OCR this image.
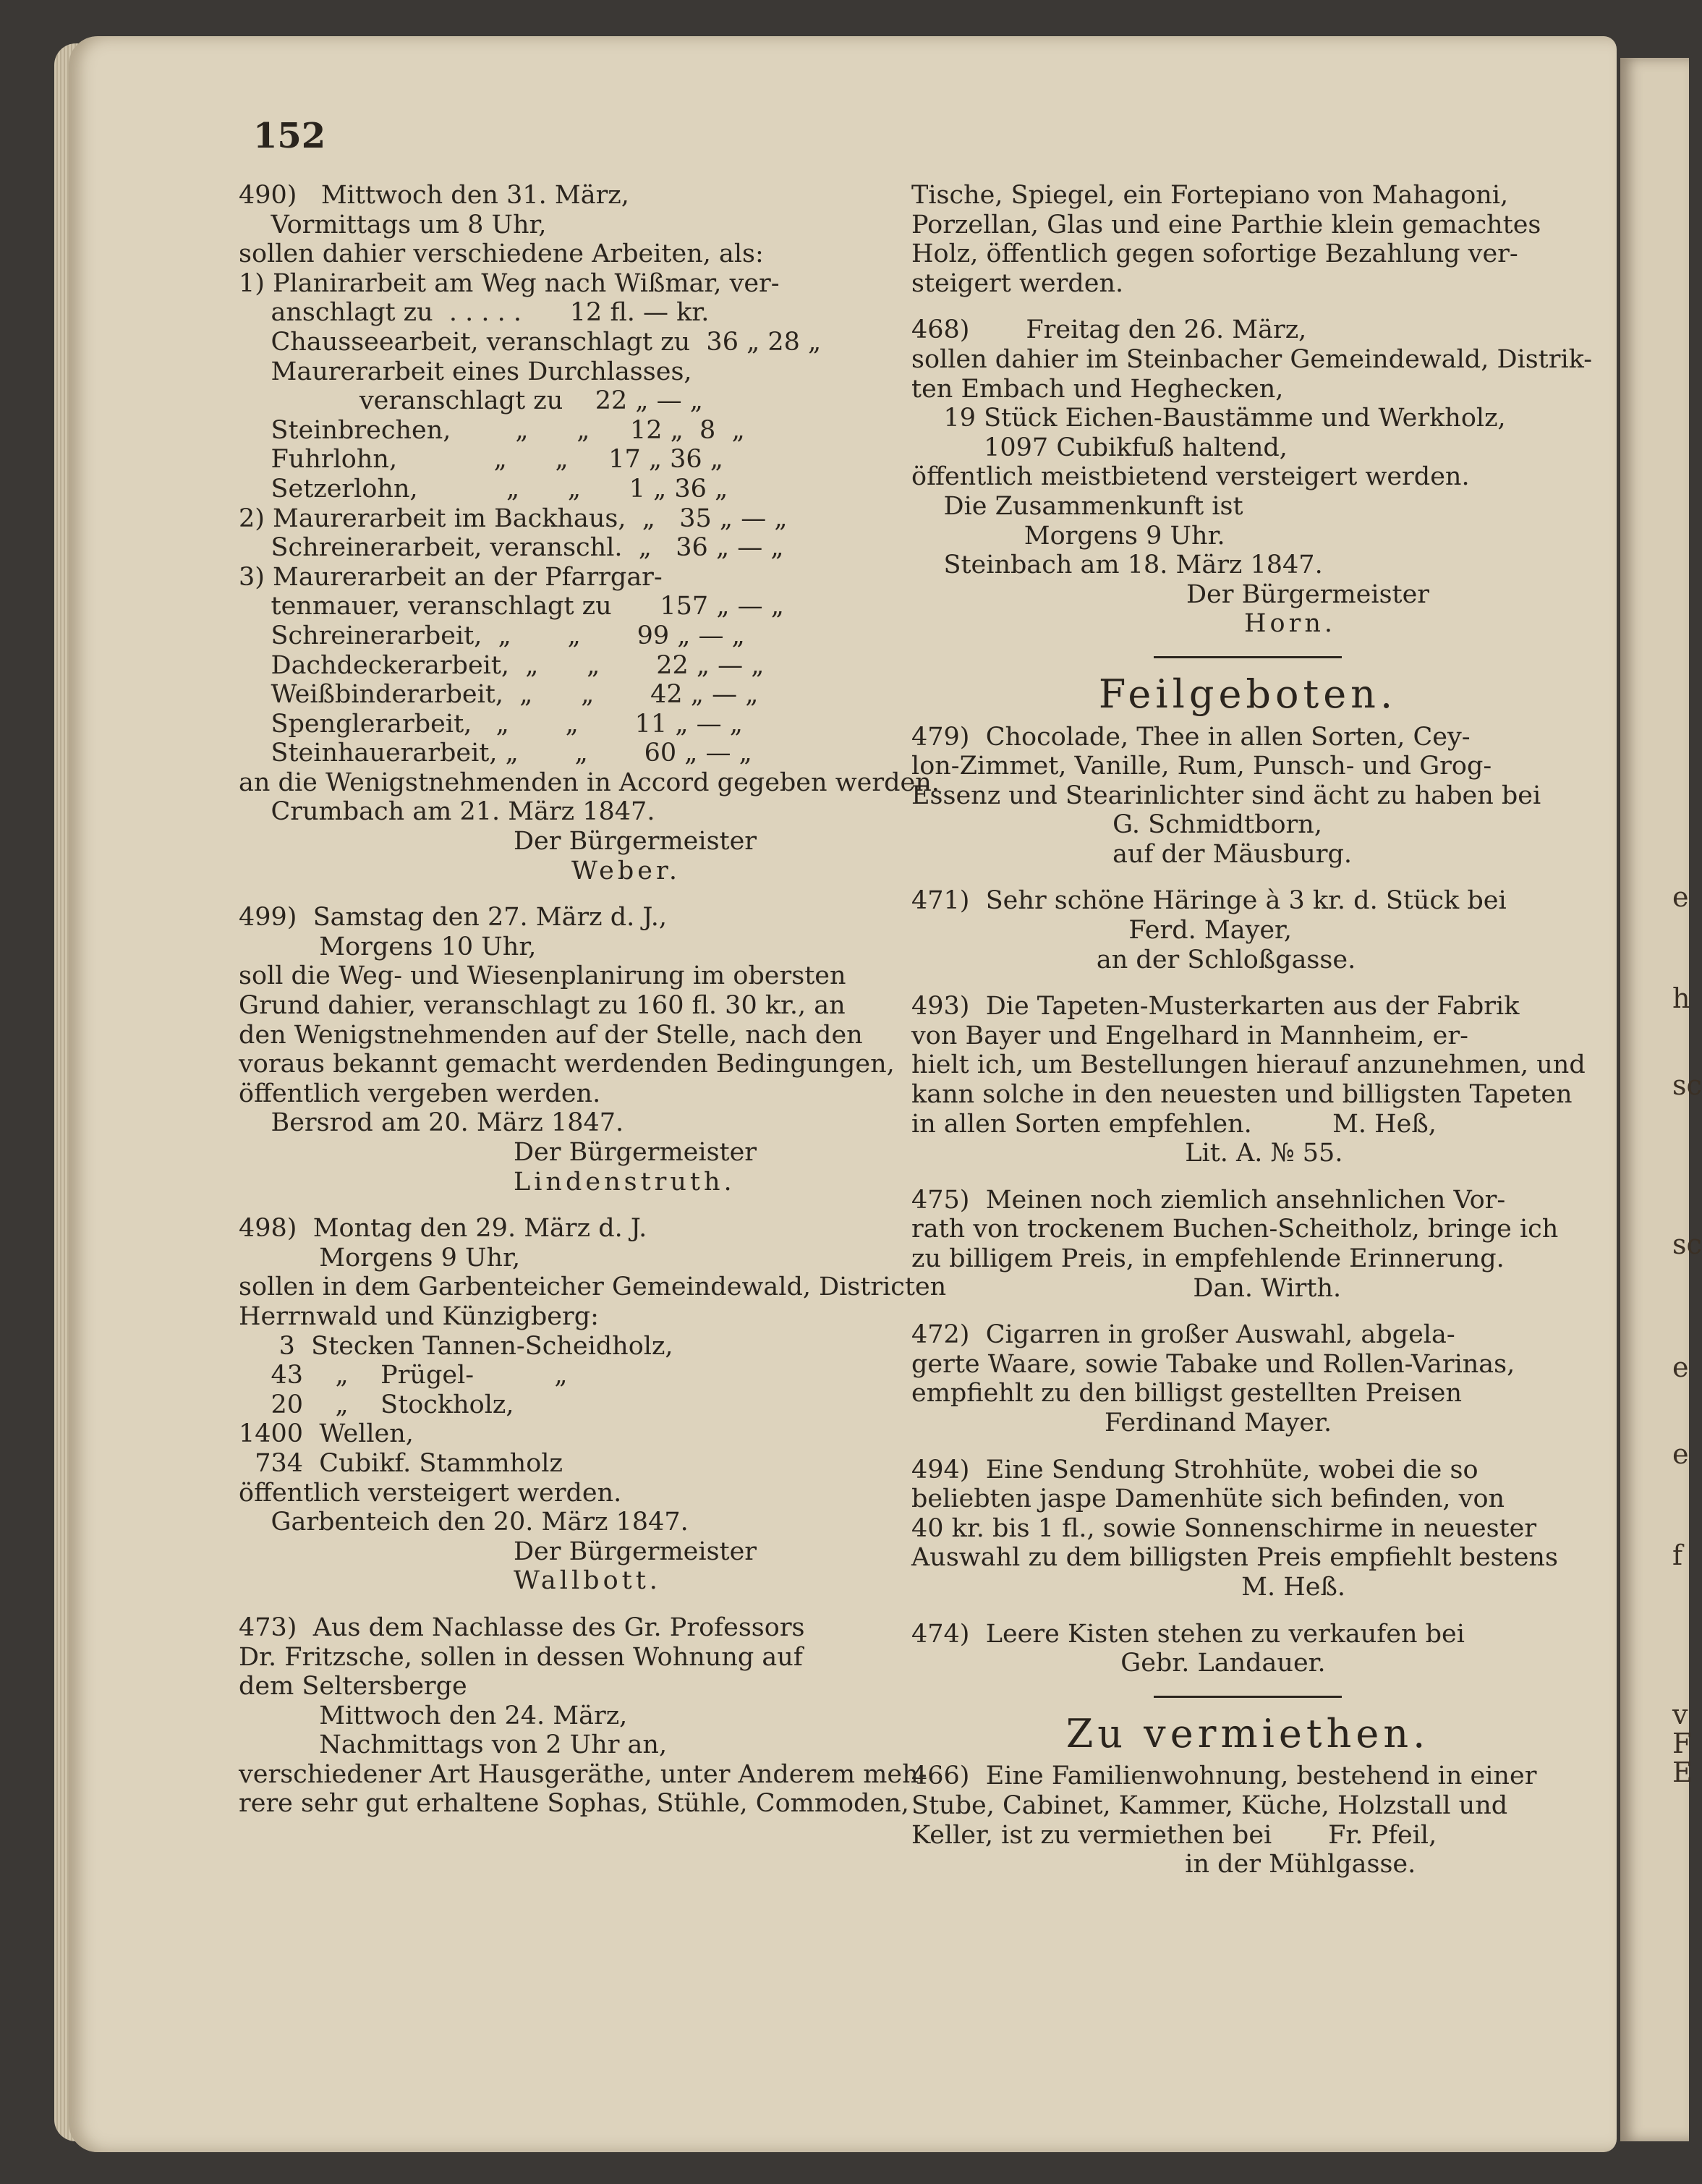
152

490)   Mittwoch den 31. März,

Vormittags um 8 Uhr,

sollen dahier verschiedene Arbeiten, als:

1) Planirarbeit am Weg nach Wißmar, ver-

anschlagt zu  . . . . .      12 fl. — kr.

Chausseearbeit, veranschlagt zu  36 „ 28 „

Maurerarbeit eines Durchlasses,

veranschlagt zu    22 „ — „

Steinbrechen,        „      „     12 „  8  „

Fuhrlohn,            „      „     17 „ 36 „

Setzerlohn,           „      „      1 „ 36 „

2) Maurerarbeit im Backhaus,  „   35 „ — „

Schreinerarbeit, veranschl.  „   36 „ — „

3) Maurerarbeit an der Pfarrgar-

tenmauer, veranschlagt zu      157 „ — „

Schreinerarbeit,  „       „       99 „ — „

Dachdeckerarbeit,  „      „       22 „ — „

Weißbinderarbeit,  „      „       42 „ — „

Spenglerarbeit,   „       „       11 „ — „

Steinhauerarbeit, „       „       60 „ — „

an die Wenigstnehmenden in Accord gegeben werden.

Crumbach am 21. März 1847.

Der Bürgermeister

Weber.

499)  Samstag den 27. März d. J.,

Morgens 10 Uhr,

soll die Weg- und Wiesenplanirung im obersten

Grund dahier, veranschlagt zu 160 fl. 30 kr., an

den Wenigstnehmenden auf der Stelle, nach den

voraus bekannt gemacht werdenden Bedingungen,

öffentlich vergeben werden.

Bersrod am 20. März 1847.

Der Bürgermeister

Lindenstruth.

498)  Montag den 29. März d. J.

Morgens 9 Uhr,

sollen in dem Garbenteicher Gemeindewald, Districten

Herrnwald und Künzigberg:

3  Stecken Tannen-Scheidholz,

43    „    Prügel-          „

20    „    Stockholz,

1400  Wellen,

734  Cubikf. Stammholz

öffentlich versteigert werden.

Garbenteich den 20. März 1847.

Der Bürgermeister

Wallbott.

473)  Aus dem Nachlasse des Gr. Professors

Dr. Fritzsche, sollen in dessen Wohnung auf

dem Seltersberge

Mittwoch den 24. März,

Nachmittags von 2 Uhr an,

verschiedener Art Hausgeräthe, unter Anderem meh-

rere sehr gut erhaltene Sophas, Stühle, Commoden,

Tische, Spiegel, ein Fortepiano von Mahagoni,

Porzellan, Glas und eine Parthie klein gemachtes

Holz, öffentlich gegen sofortige Bezahlung ver-

steigert werden.

468)       Freitag den 26. März,

sollen dahier im Steinbacher Gemeindewald, Distrik-

ten Embach und Heghecken,

19 Stück Eichen-Baustämme und Werkholz,

1097 Cubikfuß haltend,

öffentlich meistbietend versteigert werden.

Die Zusammenkunft ist

Morgens 9 Uhr.

Steinbach am 18. März 1847.

Der Bürgermeister

Horn.

Feilgeboten.

479)  Chocolade, Thee in allen Sorten, Cey-

lon-Zimmet, Vanille, Rum, Punsch- und Grog-

Essenz und Stearinlichter sind ächt zu haben bei

G. Schmidtborn,

auf der Mäusburg.

471)  Sehr schöne Häringe à 3 kr. d. Stück bei

Ferd. Mayer,

an der Schloßgasse.

493)  Die Tapeten-Musterkarten aus der Fabrik

von Bayer und Engelhard in Mannheim, er-

hielt ich, um Bestellungen hierauf anzunehmen, und

kann solche in den neuesten und billigsten Tapeten

in allen Sorten empfehlen.          M. Heß,

Lit. A. № 55.

475)  Meinen noch ziemlich ansehnlichen Vor-

rath von trockenem Buchen-Scheitholz, bringe ich

zu billigem Preis, in empfehlende Erinnerung.

Dan. Wirth.

472)  Cigarren in großer Auswahl, abgela-

gerte Waare, sowie Tabake und Rollen-Varinas,

empfiehlt zu den billigst gestellten Preisen

Ferdinand Mayer.

494)  Eine Sendung Strohhüte, wobei die so

beliebten jaspe Damenhüte sich befinden, von

40 kr. bis 1 fl., sowie Sonnenschirme in neuester

Auswahl zu dem billigsten Preis empfiehlt bestens

M. Heß.

474)  Leere Kisten stehen zu verkaufen bei

Gebr. Landauer.

Zu vermiethen.

466)  Eine Familienwohnung, bestehend in einer

Stube, Cabinet, Kammer, Küche, Holzstall und

Keller, ist zu vermiethen bei       Fr. Pfeil,

in der Mühlgasse.

e
sc
h
sc
e
e
f
v
F
E
